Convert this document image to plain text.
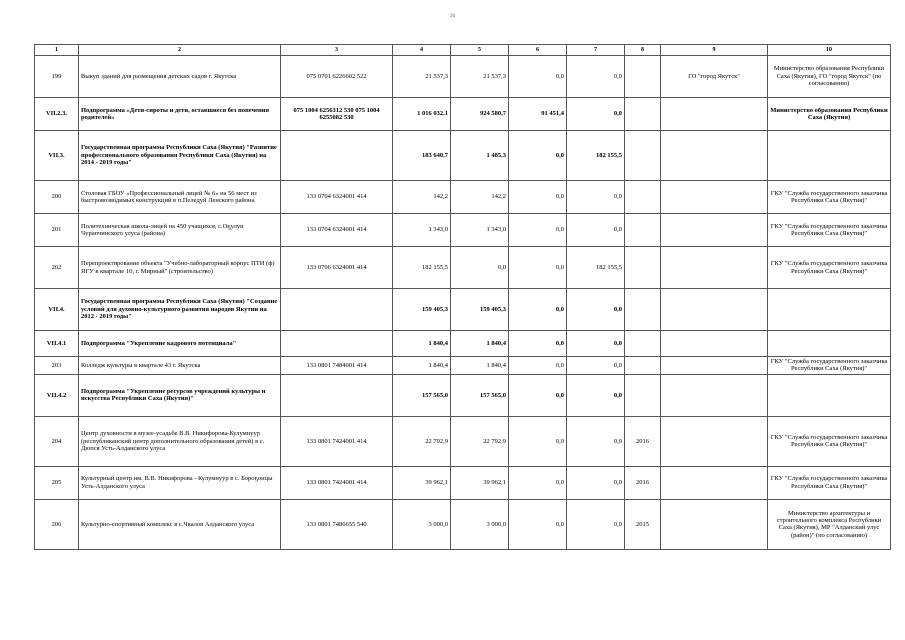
26
1	2	3	4	5	6	7	8	9	10
199	Выкуп зданий для размещения детских садов г. Якутска	075 0701 6226602 522	21 537,3	21 537,3	0,0	0,0		ГО "город Якутск"	Министерство образования Республики Саха (Якутия), ГО "город Якутск" (по согласованию)
VII.2.3.	Подпрограмма «Дети-сироты и дети, оставшиеся без попечения родителей»	075 1004 6256312 530 075 1004 6255082 530	1 016 032,1	924 580,7	91 451,4	0,0			Министерство образования Республики Саха (Якутия)
VII.3.	Государственная программа Республики Саха (Якутия) "Развитие профессионального образования Республики Саха (Якутия) на 2014 - 2019 годы"		183 640,7	1 485,3	0,0	182 155,5			
200	Столовая ГБОУ «Профессиональный лицей № 6» на 56 мест из быстровозводимых конструкций в п.Пеледуй Ленского района	133 0704 6324001 414	142,2	142,2	0,0	0,0			ГКУ "Служба государственного заказчика Республики Саха (Якутия)"
201	Политехническая школа-лицей на 450 учащихся, с.Оҕулун Чурапчинского улуса (района)	133 0704 6324001 414	1 343,0	1 343,0	0,0	0,0			ГКУ "Служба государственного заказчика Республики Саха (Якутия)"
202	Перепроектирование объекта "Учебно-лабораторный корпус ПТИ (ф) ЯГУ в квартале 10, г. Мирный" (строительство)	133 0706 6324001 414	182 155,5	0,0	0,0	182 155,5			ГКУ "Служба государственного заказчика Республики Саха (Якутия)"
VII.4.	Государственная программа Республики Саха (Якутия) "Создание условий для духовно-культурного развития народов Якутии на 2012 - 2019 годы"		159 405,3	159 405,3	0,0	0,0			
VII.4.1	Подпрограмма "Укрепление кадрового потенциала"		1 840,4	1 840,4	0,0	0,0			
203	Колледж культуры в квартале 43 г. Якутска	133 0801 7484001 414	1 840,4	1 840,4	0,0	0,0			ГКУ "Служба государственного заказчика Республики Саха (Якутия)"
VII.4.2	Подпрограмма "Укрепление ресурсов учреждений культуры и искусства Республики Саха (Якутия)"		157 565,0	157 565,0	0,0	0,0			
204	Центр духовности в музее-усадьбе В.В. Никифорова-Кулумнуур (республиканский центр дополнительного образования детей) в с. Дюпся Усть-Алданского улуса	133 0801 7424001 414	22 792,9	22 792,9	0,0	0,0	2016		ГКУ "Служба государственного заказчика Республики Саха (Якутия)"
205	Культурный центр им. В.В. Никифорова - Кулумнуур в с. Бороҕонцы Усть-Алданского улуса	133 0801 7424001 414	39 962,1	39 962,1	0,0	0,0	2016		ГКУ "Служба государственного заказчика Республики Саха (Якутия)"
206	Культурно-спортивный комплекс в с.Чкалов Алданского улуса	133 0801 7486655 540	3 000,0	3 000,0	0,0	0,0	2015		Министерство архитектуры и строительного комплекса Республики Саха (Якутия), МР "Алданский улус (район)" (по согласованию)
